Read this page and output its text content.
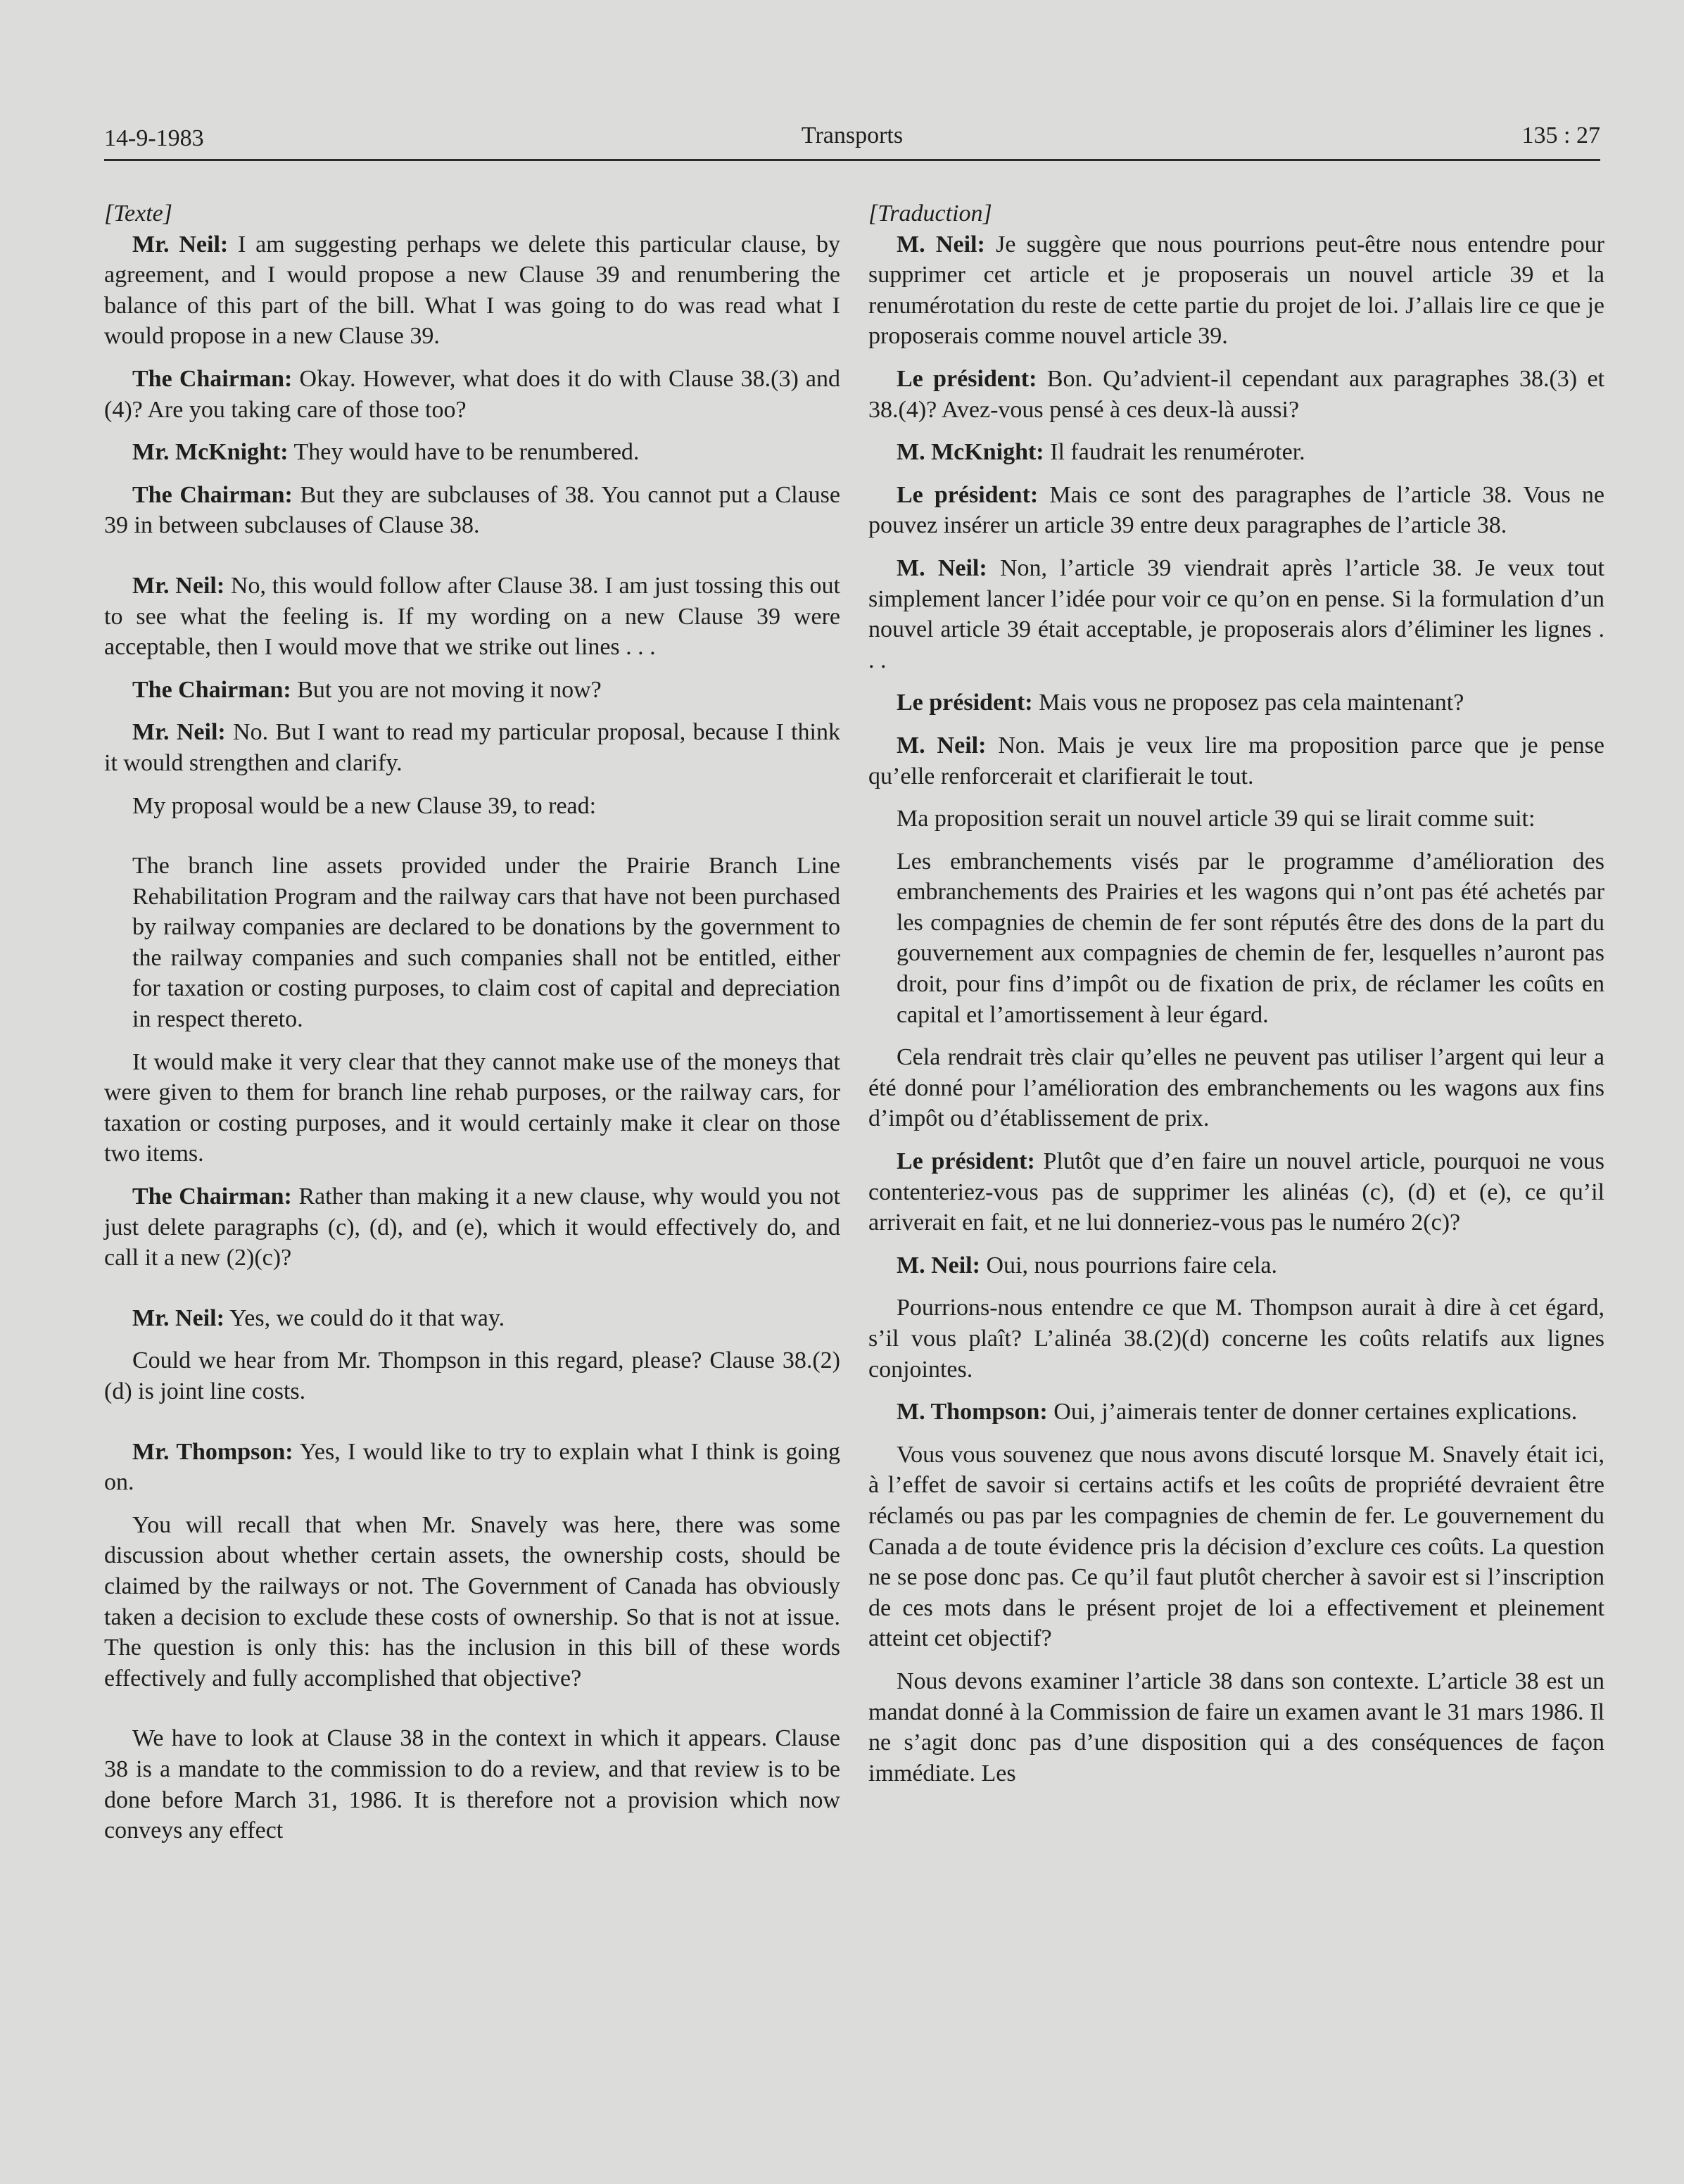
14-9-1983	Transports	135 : 27

[Texte]

Mr. Neil: I am suggesting perhaps we delete this particular clause, by agreement, and I would propose a new Clause 39 and renumbering the balance of this part of the bill. What I was going to do was read what I would propose in a new Clause 39.

The Chairman: Okay. However, what does it do with Clause 38.(3) and (4)? Are you taking care of those too?

Mr. McKnight: They would have to be renumbered.

The Chairman: But they are subclauses of 38. You cannot put a Clause 39 in between subclauses of Clause 38.

Mr. Neil: No, this would follow after Clause 38. I am just tossing this out to see what the feeling is. If my wording on a new Clause 39 were acceptable, then I would move that we strike out lines . . .

The Chairman: But you are not moving it now?

Mr. Neil: No. But I want to read my particular proposal, because I think it would strengthen and clarify.

My proposal would be a new Clause 39, to read:

The branch line assets provided under the Prairie Branch Line Rehabilitation Program and the railway cars that have not been purchased by railway companies are declared to be donations by the government to the railway companies and such companies shall not be entitled, either for taxation or costing purposes, to claim cost of capital and depreciation in respect thereto.

It would make it very clear that they cannot make use of the moneys that were given to them for branch line rehab purposes, or the railway cars, for taxation or costing purposes, and it would certainly make it clear on those two items.

The Chairman: Rather than making it a new clause, why would you not just delete paragraphs (c), (d), and (e), which it would effectively do, and call it a new (2)(c)?

Mr. Neil: Yes, we could do it that way.

Could we hear from Mr. Thompson in this regard, please? Clause 38.(2)(d) is joint line costs.

Mr. Thompson: Yes, I would like to try to explain what I think is going on.

You will recall that when Mr. Snavely was here, there was some discussion about whether certain assets, the ownership costs, should be claimed by the railways or not. The Government of Canada has obviously taken a decision to exclude these costs of ownership. So that is not at issue. The question is only this: has the inclusion in this bill of these words effectively and fully accomplished that objective?

We have to look at Clause 38 in the context in which it appears. Clause 38 is a mandate to the commission to do a review, and that review is to be done before March 31, 1986. It is therefore not a provision which now conveys any effect

[Traduction]

M. Neil: Je suggère que nous pourrions peut-être nous entendre pour supprimer cet article et je proposerais un nouvel article 39 et la renumérotation du reste de cette partie du projet de loi. J’allais lire ce que je proposerais comme nouvel article 39.

Le président: Bon. Qu’advient-il cependant aux paragraphes 38.(3) et 38.(4)? Avez-vous pensé à ces deux-là aussi?

M. McKnight: Il faudrait les renuméroter.

Le président: Mais ce sont des paragraphes de l’article 38. Vous ne pouvez insérer un article 39 entre deux paragraphes de l’article 38.

M. Neil: Non, l’article 39 viendrait après l’article 38. Je veux tout simplement lancer l’idée pour voir ce qu’on en pense. Si la formulation d’un nouvel article 39 était acceptable, je proposerais alors d’éliminer les lignes . . .

Le président: Mais vous ne proposez pas cela maintenant?

M. Neil: Non. Mais je veux lire ma proposition parce que je pense qu’elle renforcerait et clarifierait le tout.

Ma proposition serait un nouvel article 39 qui se lirait comme suit:

Les embranchements visés par le programme d’amélioration des embranchements des Prairies et les wagons qui n’ont pas été achetés par les compagnies de chemin de fer sont réputés être des dons de la part du gouvernement aux compagnies de chemin de fer, lesquelles n’auront pas droit, pour fins d’impôt ou de fixation de prix, de réclamer les coûts en capital et l’amortissement à leur égard.

Cela rendrait très clair qu’elles ne peuvent pas utiliser l’argent qui leur a été donné pour l’amélioration des embranchements ou les wagons aux fins d’impôt ou d’établissement de prix.

Le président: Plutôt que d’en faire un nouvel article, pourquoi ne vous contenteriez-vous pas de supprimer les alinéas (c), (d) et (e), ce qu’il arriverait en fait, et ne lui donneriez-vous pas le numéro 2(c)?

M. Neil: Oui, nous pourrions faire cela.

Pourrions-nous entendre ce que M. Thompson aurait à dire à cet égard, s’il vous plaît? L’alinéa 38.(2)(d) concerne les coûts relatifs aux lignes conjointes.

M. Thompson: Oui, j’aimerais tenter de donner certaines explications.

Vous vous souvenez que nous avons discuté lorsque M. Snavely était ici, à l’effet de savoir si certains actifs et les coûts de propriété devraient être réclamés ou pas par les compagnies de chemin de fer. Le gouvernement du Canada a de toute évidence pris la décision d’exclure ces coûts. La question ne se pose donc pas. Ce qu’il faut plutôt chercher à savoir est si l’inscription de ces mots dans le présent projet de loi a effectivement et pleinement atteint cet objectif?

Nous devons examiner l’article 38 dans son contexte. L’article 38 est un mandat donné à la Commission de faire un examen avant le 31 mars 1986. Il ne s’agit donc pas d’une disposition qui a des conséquences de façon immédiate. Les
